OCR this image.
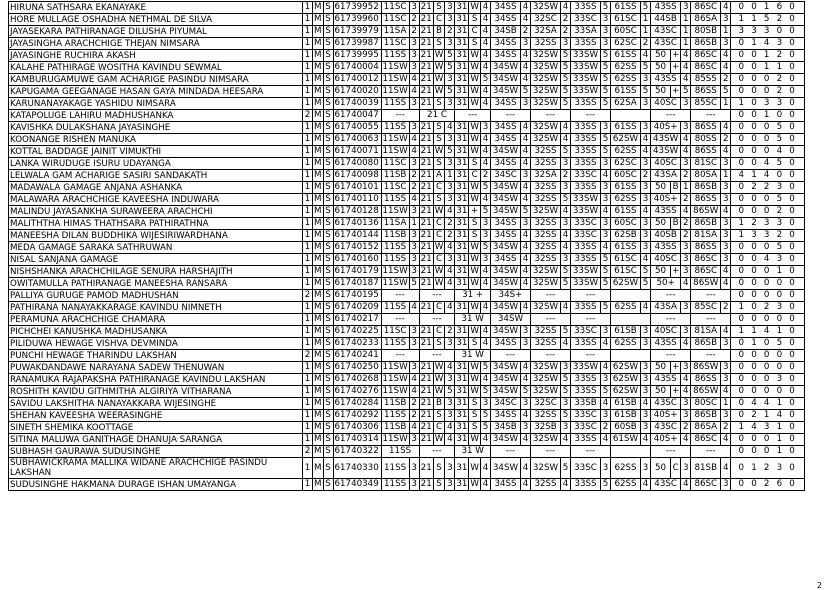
HIRUNA SATHSARA EKANAYAKE	1	M	S	61739952	11SC	3	21	S	3	31	W	4	34SS	4	32SW	4	33SS	5	61SS	5	43SS		3	86SC	4	0 0 1 6 0
HORE MULLAGE OSHADHA NETHMAL DE SILVA	1	M	S	61739960	11SC	2	21	C	3	31	S	4	34SS	4	32SC	2	33SC	3	61SC	1	44SB		1	86SA	3	1 1 5 2 0
JAYASEKARA PATHIRANAGE DILUSHA PIYUMAL	1	M	S	61739979	11SA	2	21	B	2	31	C	4	34SB	2	32SA	2	33SA	3	60SC	1	43SC		1	80SB	1	3 3 3 0 0
JAYASINGHA ARACHCHIGE THEJAN NIMSARA	1	M	S	61739987	11SC	3	21	S	3	31	S	4	34SS	3	32SS	3	33SS	3	62SC	2	43SC		1	86SB	3	0 1 4 3 0
JAYASINGHE RUCHIRA AKASH	1	M	S	61739995	11SS	3	21	W	5	31	W	4	34SS	4	32SW	5	33SW	5	61SS	4	50	+	4	86SC	4	0 0 1 2 0
KALAHE PATHIRAGE WOSITHA KAVINDU SEWMAL	1	M	S	61740004	11SW	3	21	W	5	31	W	4	34SW	4	32SW	5	33SW	5	62SS	5	50	+	4	86SC	4	0 0 1 1 0
KAMBURUGAMUWE GAM ACHARIGE PASINDU NIMSARA	1	M	S	61740012	11SW	4	21	W	3	31	W	5	34SW	4	32SW	5	33SW	5	62SS	3	43SS		4	85SS	2	0 0 0 2 0
KAPUGAMA GEEGANAGE HASAN GAYA MINDADA HEESARA	1	M	S	61740020	11SW	4	21	W	5	31	W	4	34SW	5	32SW	5	33SW	5	61SS	5	50	+	5	86SS	5	0 0 0 2 0
KARUNANAYAKAGE YASHIDU NIMSARA	1	M	S	61740039	11SS	3	21	S	3	31	W	4	34SS	3	32SW	5	33SS	5	62SA	3	40SC		3	85SC	1	1 0 3 3 0
KATAPOLUGE LAHIRU MADHUSHANKA	2	M	S	61740047	---		21 C			---			---		---		---				---			---		0 0 1 0 0
KAVISHKA DULAKSHANA JAYASINGHE	1	M	S	61740055	11SS	3	21	S	4	31	W	3	34SS	4	32SW	4	33SS	3	61SS	3	40S+		3	86SS	4	0 0 0 5 0
KOONANGE RISHEN MANUKA	1	M	S	61740063	11SW	4	21	S	3	31	W	4	34SS	4	32SW	4	33SS	5	62SW	4	43SW		4	80SS	2	0 0 0 5 0
KOTTAL BADDAGE JAINIT VIMUKTHI	1	M	S	61740071	11SW	4	21	W	5	31	W	4	34SW	4	32SS	5	33SS	5	62SS	4	43SW		4	86SS	4	0 0 0 4 0
LANKA WIRUDUGE ISURU UDAYANGA	1	M	S	61740080	11SC	3	21	S	3	31	S	4	34SS	4	32SS	3	33SS	3	62SC	3	40SC		3	81SC	3	0 0 4 5 0
LELWALA GAM ACHARIGE SASIRI SANDAKATH	1	M	S	61740098	11SB	2	21	A	1	31	C	2	34SC	3	32SA	2	33SC	4	60SC	2	43SA		2	80SA	1	4 1 4 0 0
MADAWALA GAMAGE ANJANA ASHANKA	1	M	S	61740101	11SC	2	21	C	3	31	W	5	34SW	4	32SS	3	33SS	3	61SS	3	50	B	1	86SB	3	0 2 2 3 0
MALAWARA ARACHCHIGE KAVEESHA INDUWARA	1	M	S	61740110	11SS	4	21	S	3	31	W	4	34SW	4	32SS	5	33SW	3	62SS	3	40S+		2	86SS	3	0 0 0 5 0
MALINDU JAYASANKHA SURAWEERA ARACHCHI	1	M	S	61740128	11SW	3	21	W	4	31	+	5	34SW	5	32SW	4	33SW	4	61SS	4	43SS		4	86SW	4	0 0 0 2 0
MALITHTHA HIMAS THATHSARA PATHIRATHNA	1	M	S	61740136	11SA	1	21	C	2	31	S	3	34SS	3	32SS	3	33SC	3	60SC	3	50	B	2	86SB	3	1 2 3 3 0
MANEESHA DILAN BUDDHIKA WIJESIRIWARDHANA	1	M	S	61740144	11SB	3	21	C	2	31	S	3	34SS	4	32SS	4	33SC	3	62SB	3	40SB		2	81SA	3	1 3 3 2 0
MEDA GAMAGE SARAKA SATHRUWAN	1	M	S	61740152	11SS	3	21	W	4	31	W	5	34SW	4	32SS	4	33SS	4	61SS	3	43SS		3	86SS	3	0 0 0 5 0
NISAL SANJANA GAMAGE	1	M	S	61740160	11SS	3	21	C	3	31	W	3	34SS	4	32SS	3	33SS	5	61SC	4	40SC		3	86SC	3	0 0 4 3 0
NISHSHANKA ARACHCHILAGE SENURA HARSHAJITH	1	M	S	61740179	11SW	3	21	W	4	31	W	4	34SW	4	32SW	5	33SW	5	61SC	5	50	+	3	86SC	4	0 0 0 1 0
OWITAMULLA PATHIRANAGE MANEESHA RANSARA	1	M	S	61740187	11SW	5	21	W	4	31	W	4	34SW	4	32SW	5	33SW	5	62SW	5	50+		4	86SW	4	0 0 0 0 0
PALLIYA GURUGE PAMOD MADHUSHAN	2	M	S	61740195	---		---			31 +			34S+		---		---				---			---		0 0 0 0 0
PATHIRANA NANAYAKKARAGE KAVINDU NIMNETH	1	M	S	61740209	11SS	4	21	C	4	31	W	4	34SW	4	32SW	4	33SS	5	62SS	4	43SA		3	85SC	2	1 0 2 3 0
PERAMUNA ARACHCHIGE CHAMARA	1	M	S	61740217	---		---			31 W			34SW		---		---				---			---		0 0 0 0 0
PICHCHEI KANUSHKA MADHUSANKA	1	M	S	61740225	11SC	3	21	C	2	31	W	4	34SW	3	32SS	5	33SC	3	61SB	3	40SC		3	81SA	4	1 1 4 1 0
PILIDUWA HEWAGE VISHVA DEVMINDA	1	M	S	61740233	11SS	3	21	S	3	31	S	4	34SS	3	32SS	4	33SS	4	62SS	3	43SS		4	86SB	3	0 1 0 5 0
PUNCHI HEWAGE THARINDU LAKSHAN	2	M	S	61740241	---		---			31 W			---		---		---				---			---		0 0 0 0 0
PUWAKDANDAWE NARAYANA SADEW THENUWAN	1	M	S	61740250	11SW	3	21	W	4	31	W	5	34SW	4	32SW	3	33SW	4	62SW	3	50	+	3	86SW	3	0 0 0 0 0
RANAMUKA RAJAPAKSHA PATHIRANAGE KAVINDU LAKSHAN	1	M	S	61740268	11SW	4	21	W	3	31	W	4	34SW	4	32SW	5	33SS	3	62SW	3	43SS		4	86SS	3	0 0 0 3 0
ROSHITH KAVIDU GITHMITHA ALGIRIYA VITHARANA	1	M	S	61740276	11SW	4	21	W	5	31	W	5	34SW	5	32SW	5	33SS	5	62SW	3	50	+	4	86SW	4	0 0 0 0 0
SAVIDU LAKSHITHA NANAYAKKARA WIJESINGHE	1	M	S	61740284	11SB	2	21	B	3	31	S	3	34SC	3	32SC	3	33SB	4	61SB	4	43SC		3	80SC	1	0 4 4 1 0
SHEHAN KAVEESHA WEERASINGHE	1	M	S	61740292	11SS	2	21	S	3	31	S	5	34SS	4	32SS	5	33SC	3	61SB	3	40S+		3	86SB	3	0 2 1 4 0
SINETH SHEMIKA KOOTTAGE	1	M	S	61740306	11SB	4	21	C	4	31	S	5	34SB	3	32SB	3	33SC	2	60SB	3	43SC		2	86SA	2	1 4 3 1 0
SITINA MALUWA GANITHAGE DHANUJA SARANGA	1	M	S	61740314	11SW	3	21	W	4	31	W	4	34SW	4	32SW	4	33SS	4	61SW	4	40S+		4	86SC	4	0 0 0 1 0
SUBHASH GAURAWA SUDUSINGHE	2	M	S	61740322	11SS		---			31 W			---		---		---				---			---		0 0 0 1 0
SUBHAWICKRAMA MALLIKA WIDANE ARACHCHIGE PASINDU LAKSHAN	1	M	S	61740330	11SS	3	21	S	3	31	W	4	34SW	4	32SW	5	33SC	3	62SS	3	50	C	3	81SB	4	0 1 2 3 0
SUDUSINGHE HAKMANA DURAGE ISHAN UMAYANGA	1	M	S	61740349	11SS	3	21	S	3	31	W	4	34SS	4	32SS	4	33SS	5	62SS	4	43SC		4	86SC	3	0 0 2 6 0
2
